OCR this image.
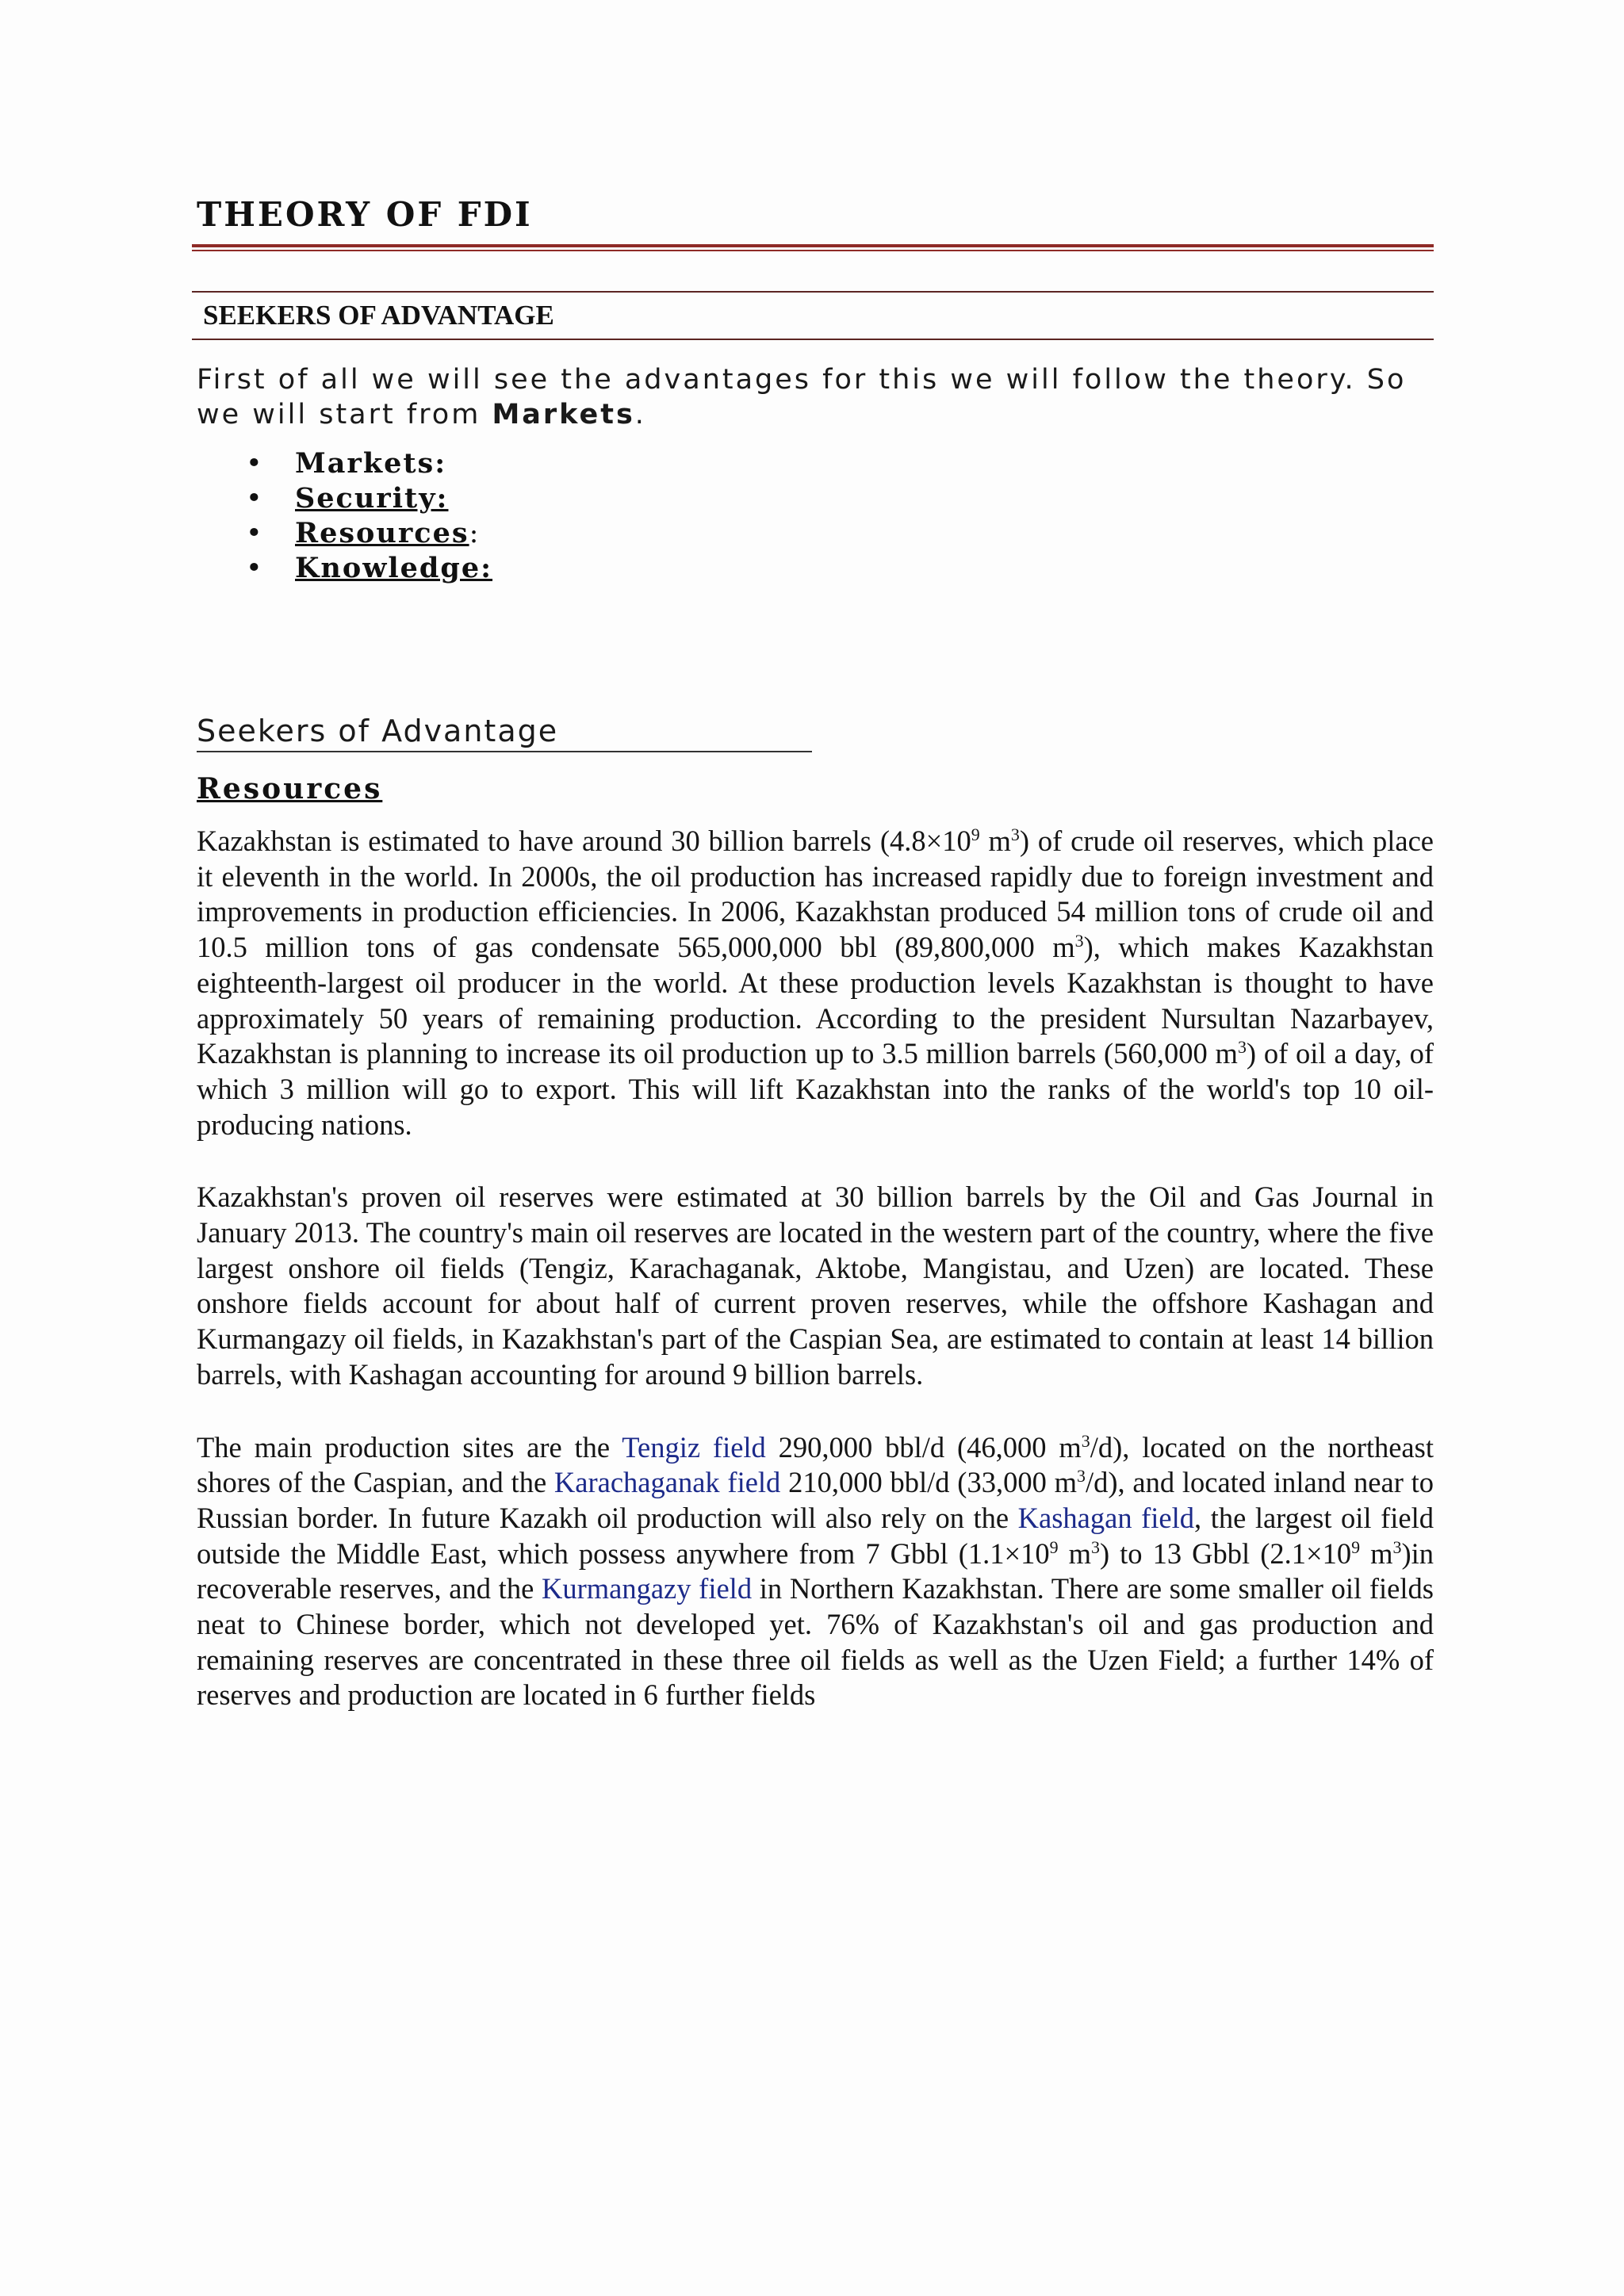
THEORY OF FDI
SEEKERS OF ADVANTAGE
First of all we will see the advantages for this we will follow the theory. So we will start from Markets.
• Markets:
• Security:
• Resources:
• Knowledge:
Seekers of Advantage
Resources

Kazakhstan is estimated to have around 30 billion barrels ($4.8\times 10^9$ $m^3$) of crude oil reserves, which place it eleventh in the world. In 2000s, the oil production has increased rapidly due to foreign investment and improvements in production efficiencies. In 2006, Kazakhstan produced 54 million tons of crude oil and 10.5 million tons of gas condensate 565,000,000 bbl (89,800,000 $m^3$), which makes Kazakhstan eighteenth-largest oil producer in the world. At these production levels Kazakhstan is thought to have approximately 50 years of remaining production. According to the president Nursultan Nazarbayev, Kazakhstan is planning to increase its oil production up to 3.5 million barrels (560,000 $m^3$) of oil a day, of which 3 million will go to export. This will lift Kazakhstan into the ranks of the world's top 10 oil-producing nations.

Kazakhstan's proven oil reserves were estimated at 30 billion barrels by the Oil and Gas Journal in January 2013. The country's main oil reserves are located in the western part of the country, where the five largest onshore oil fields (Tengiz, Karachaganak, Aktobe, Mangistau, and Uzen) are located. These onshore fields account for about half of current proven reserves, while the offshore Kashagan and Kurmangazy oil fields, in Kazakhstan's part of the Caspian Sea, are estimated to contain at least 14 billion barrels, with Kashagan accounting for around 9 billion barrels.

The main production sites are the Tengiz field 290,000 bbl/d (46,000 $m^3/d$), located on the northeast shores of the Caspian, and the Karachaganak field 210,000 bbl/d (33,000 $m^3/d$), and located inland near to Russian border. In future Kazakh oil production will also rely on the Kashagan field, the largest oil field outside the Middle East, which possess anywhere from 7 Gbbl ($1.1\times 10^9$ $m^3$) to 13 Gbbl ($2.1\times 10^9$ $m^3)in$ recoverable reserves, and the Kurmangazy field in Northern Kazakhstan. There are some smaller oil fields neat to Chinese border, which not developed yet. 76% of Kazakhstan's oil and gas production and remaining reserves are concentrated in these three oil fields as well as the Uzen Field; a further 14% of reserves and production are located in 6 further fields
